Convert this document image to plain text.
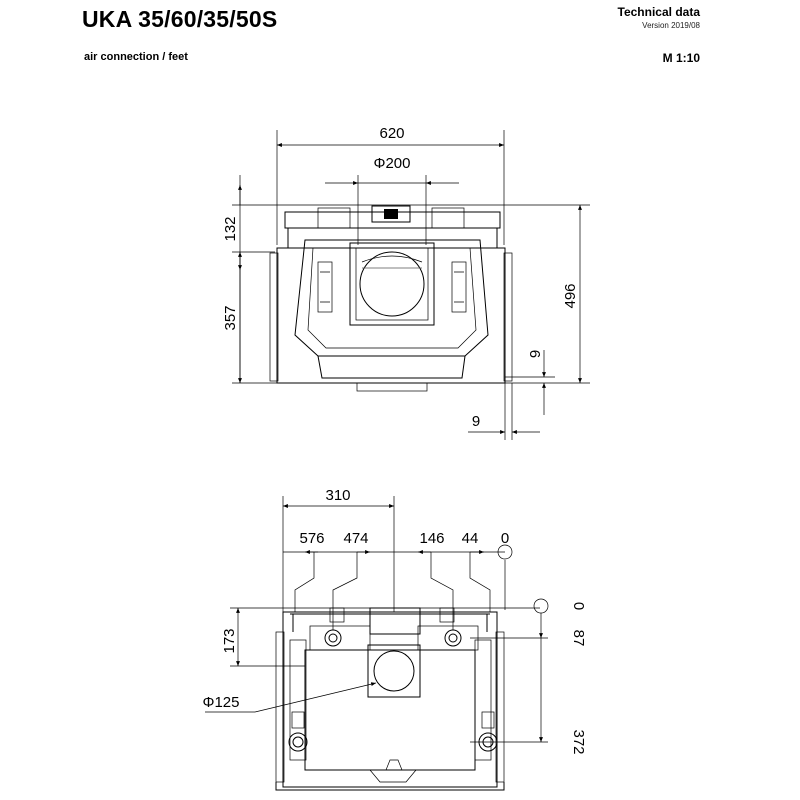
UKA 35/60/35/50S
air connection / feet
Technical data
Version 2019/08
M 1:10
620
Φ200
132
357
496
9
9
310
576 474	146 44 0
173
0
87
372
Φ125
